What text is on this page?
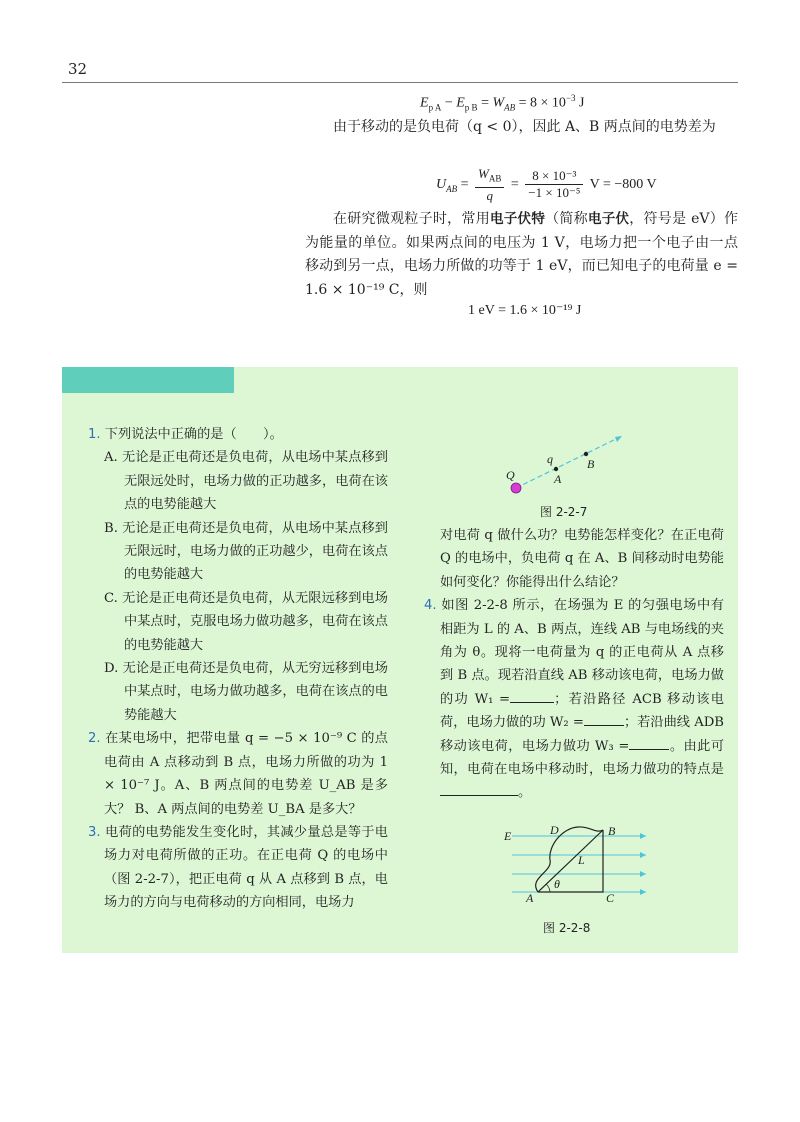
32
$E_{p A} - E_{p B} = W_{AB} = 8 \times 10^{-3}$ J

由于移动的是负电荷（q < 0），因此 A、B 两点间的电势差为

$U_{AB} = \frac{W_{AB}}{q} = \frac{\text{8 × 10⁻³}}{\text{−1 × 10⁻⁵}}$ V = −800 V

在研究微观粒子时，常用电子伏特（简称电子伏，符号是 eV）作为能量的单位。如果两点间的电压为 1 V，电场力把一个电子由一点移动到另一点，电场力所做的功等于 1 eV，而已知电子的电荷量 e = 1.6 × 10⁻¹⁹ C，则

1 eV = 1.6 × 10⁻¹⁹ J

1. 下列说法中正确的是（　　）。

A. 无论是正电荷还是负电荷，从电场中某点移到无限远处时，电场力做的正功越多，电荷在该点的电势能越大

B. 无论是正电荷还是负电荷，从电场中某点移到无限远时，电场力做的正功越少，电荷在该点的电势能越大

C. 无论是正电荷还是负电荷，从无限远移到电场中某点时，克服电场力做功越多，电荷在该点的电势能越大

D. 无论是正电荷还是负电荷，从无穷远移到电场中某点时，电场力做功越多，电荷在该点的电势能越大

2. 在某电场中，把带电量 q = −5 × 10⁻⁹ C 的点电荷由 A 点移动到 B 点，电场力所做的功为 1 × 10⁻⁷ J。A、B 两点间的电势差 U_AB 是多大？ B、A 两点间的电势差 U_BA 是多大？

3. 电荷的电势能发生变化时，其减少量总是等于电场力对电荷所做的正功。在正电荷 Q 的电场中（图 2-2-7），把正电荷 q 从 A 点移到 B 点，电场力的方向与电荷移动的方向相同，电场力

Q
q
A
B
图 2-2-7

对电荷 q 做什么功？电势能怎样变化？在正电荷 Q 的电场中，负电荷 q 在 A、B 间移动时电势能如何变化？你能得出什么结论？

4. 如图 2-2-8 所示，在场强为 E 的匀强电场中有相距为 L 的 A、B 两点，连线 AB 与电场线的夹角为 θ。现将一电荷量为 q 的正电荷从 A 点移到 B 点。现若沿直线 AB 移动该电荷，电场力做的功 W₁ =	；若沿路径 ACB 移动该电荷，电场力做的功 W₂ =	；若沿曲线 ADB 移动该电荷，电场力做功 W₃ =	。由此可知，电荷在电场中移动时，电场力做功的特点是。

E	D	B
L
θ
A	C
图 2-2-8
